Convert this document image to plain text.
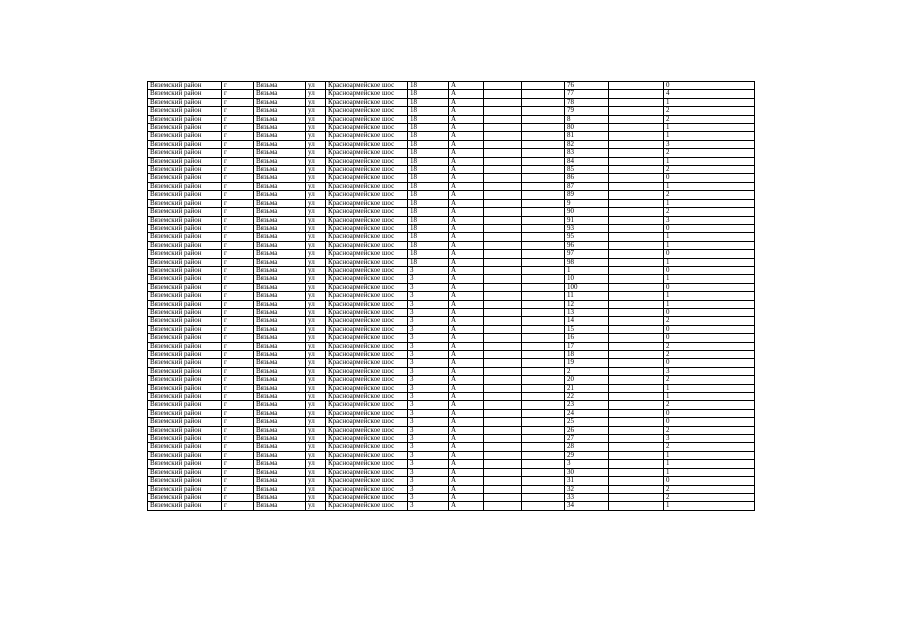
Вяземский район	г	Вязьма	ул	Красноармейское шос	18	А			76		0
Вяземский район	г	Вязьма	ул	Красноармейское шос	18	А			77		4
Вяземский район	г	Вязьма	ул	Красноармейское шос	18	А			78		1
Вяземский район	г	Вязьма	ул	Красноармейское шос	18	А			79		2
Вяземский район	г	Вязьма	ул	Красноармейское шос	18	А			8		2
Вяземский район	г	Вязьма	ул	Красноармейское шос	18	А			80		1
Вяземский район	г	Вязьма	ул	Красноармейское шос	18	А			81		1
Вяземский район	г	Вязьма	ул	Красноармейское шос	18	А			82		3
Вяземский район	г	Вязьма	ул	Красноармейское шос	18	А			83		2
Вяземский район	г	Вязьма	ул	Красноармейское шос	18	А			84		1
Вяземский район	г	Вязьма	ул	Красноармейское шос	18	А			85		2
Вяземский район	г	Вязьма	ул	Красноармейское шос	18	А			86		0
Вяземский район	г	Вязьма	ул	Красноармейское шос	18	А			87		1
Вяземский район	г	Вязьма	ул	Красноармейское шос	18	А			89		2
Вяземский район	г	Вязьма	ул	Красноармейское шос	18	А			9		1
Вяземский район	г	Вязьма	ул	Красноармейское шос	18	А			90		2
Вяземский район	г	Вязьма	ул	Красноармейское шос	18	А			91		3
Вяземский район	г	Вязьма	ул	Красноармейское шос	18	А			93		0
Вяземский район	г	Вязьма	ул	Красноармейское шос	18	А			95		1
Вяземский район	г	Вязьма	ул	Красноармейское шос	18	А			96		1
Вяземский район	г	Вязьма	ул	Красноармейское шос	18	А			97		0
Вяземский район	г	Вязьма	ул	Красноармейское шос	18	А			98		1
Вяземский район	г	Вязьма	ул	Красноармейское шос	3	А			1		0
Вяземский район	г	Вязьма	ул	Красноармейское шос	3	А			10		1
Вяземский район	г	Вязьма	ул	Красноармейское шос	3	А			100		0
Вяземский район	г	Вязьма	ул	Красноармейское шос	3	А			11		1
Вяземский район	г	Вязьма	ул	Красноармейское шос	3	А			12		1
Вяземский район	г	Вязьма	ул	Красноармейское шос	3	А			13		0
Вяземский район	г	Вязьма	ул	Красноармейское шос	3	А			14		2
Вяземский район	г	Вязьма	ул	Красноармейское шос	3	А			15		0
Вяземский район	г	Вязьма	ул	Красноармейское шос	3	А			16		0
Вяземский район	г	Вязьма	ул	Красноармейское шос	3	А			17		2
Вяземский район	г	Вязьма	ул	Красноармейское шос	3	А			18		2
Вяземский район	г	Вязьма	ул	Красноармейское шос	3	А			19		0
Вяземский район	г	Вязьма	ул	Красноармейское шос	3	А			2		3
Вяземский район	г	Вязьма	ул	Красноармейское шос	3	А			20		2
Вяземский район	г	Вязьма	ул	Красноармейское шос	3	А			21		1
Вяземский район	г	Вязьма	ул	Красноармейское шос	3	А			22		1
Вяземский район	г	Вязьма	ул	Красноармейское шос	3	А			23		2
Вяземский район	г	Вязьма	ул	Красноармейское шос	3	А			24		0
Вяземский район	г	Вязьма	ул	Красноармейское шос	3	А			25		0
Вяземский район	г	Вязьма	ул	Красноармейское шос	3	А			26		2
Вяземский район	г	Вязьма	ул	Красноармейское шос	3	А			27		3
Вяземский район	г	Вязьма	ул	Красноармейское шос	3	А			28		2
Вяземский район	г	Вязьма	ул	Красноармейское шос	3	А			29		1
Вяземский район	г	Вязьма	ул	Красноармейское шос	3	А			3		1
Вяземский район	г	Вязьма	ул	Красноармейское шос	3	А			30		1
Вяземский район	г	Вязьма	ул	Красноармейское шос	3	А			31		0
Вяземский район	г	Вязьма	ул	Красноармейское шос	3	А			32		2
Вяземский район	г	Вязьма	ул	Красноармейское шос	3	А			33		2
Вяземский район	г	Вязьма	ул	Красноармейское шос	3	А			34		1
